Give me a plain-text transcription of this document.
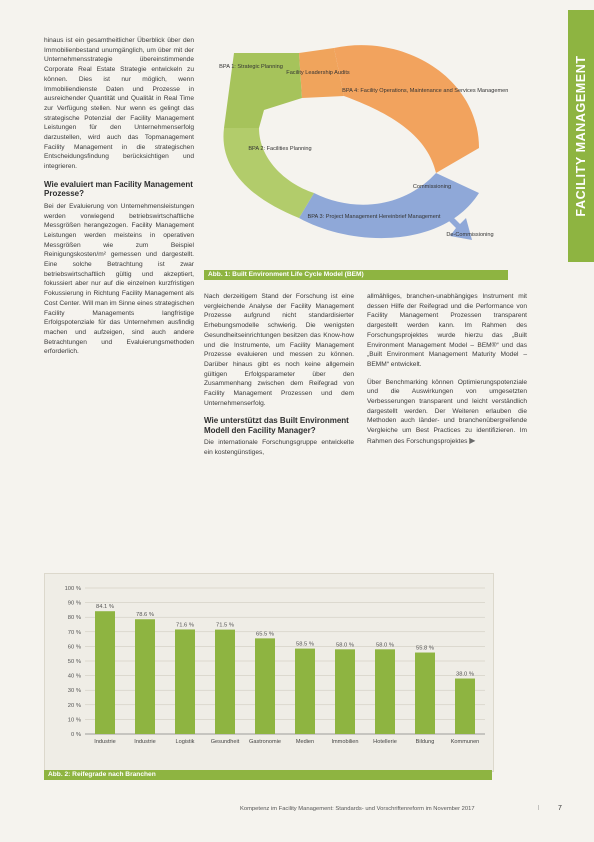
FACILITY MANAGEMENT

hinaus ist ein gesamtheitlicher Überblick über den Immobilienbestand unumgänglich, um über mit der Unternehmensstrategie übereinstimmende Corporate Real Estate Strategie entwickeln zu können. Dies ist nur möglich, wenn Immobiliendienste Daten und Prozesse in ausreichender Quantität und Qualität in Real Time zur Verfügung stellen. Nur wenn es gelingt das strategische Potenzial der Facility Management Leistungen für den Unternehmenserfolg darzustellen, wird auch das Topmanagement Facility Management in die strategischen Entscheidungsfindung berücksichtigen und integrieren.

Wie evaluiert man Facility Management Prozesse?

Bei der Evaluierung von Unternehmensleistungen werden vorwiegend betriebswirtschaftliche Messgrößen herangezogen. Facility Management Leistungen werden meisteins in operativen Messgrößen wie zum Beispiel Reinigungskosten/m² gemessen und dargestellt. Eine solche Betrachtung ist zwar betriebswirtschaftlich gültig und akzeptiert, fokussiert aber nur auf die einzelnen kurzfristigen Fokussierung in Richtung Facility Management als Cost Center. Will man im Sinne eines strategischen Facility Managements langfristige Erfolgspotenziale für das Unternehmen ausfindig machen und aufzeigen, sind auch andere Betrachtungen und Evaluierungsmethoden erforderlich.

BPA 1: Strategic Planning
Facility Leadership Audits
BPA 4: Facility Operations, Maintenance and Services Management
BPA 3: Project Management Hereinbrief Management
BPA 2: Facilities Planning
Commissioning
De-Commissioning
Abb. 1: Built Environment Life Cycle Model (BEM)

Nach derzeitigem Stand der Forschung ist eine vergleichende Analyse der Facility Management Prozesse aufgrund nicht standardisierter Erhebungsmodelle schwierig. Die wenigsten Gesundheitseinrichtungen besitzen das Know-how und die Instrumente, um Facility Management Prozesse evaluieren und messen zu können. Darüber hinaus gibt es noch keine allgemein gültigen Erfolgsparameter über den Zusammenhang zwischen dem Reifegrad von Facility Management Prozessen und dem Unternehmenserfolg.

Wie unterstützt das Built Environment Modell den Facility Manager?

Die internationale Forschungsgruppe entwickelte ein kostengünstiges,

allmähliges, branchen-unabhängiges Instrument mit dessen Hilfe der Reifegrad und die Performance von Facility Management Prozessen transparent dargestellt werden kann. Im Rahmen des Forschungsprojektes wurde hierzu das „Built Environment Management Model – BEM®“ und das „Built Environment Management Maturity Model – BEMM“ entwickelt.

Über Benchmarking können Optimierungspotenziale und die Auswirkungen von umgesetzten Verbesserungen transparent und leicht verständlich dargestellt werden. Der Weiteren erlauben die Methoden auch länder- und branchenübergreifende Vergleiche um Best Practices zu identifizieren. Im Rahmen des Forschungsprojektes ▶

0 %
10 %
20 %
30 %
40 %
50 %
60 %
70 %
80 %
90 %
100 %
84.1 %
Industrie
78.6 %
Industrie
71.6 %
Logistik
71.5 %
Gesundheit
65.5 %
Gastronomie
58.5 %
Medien
58.0 %
Immobilien
58.0 %
Hotellerie
55.8 %
Bildung
38.0 %
Kommunen
Abb. 2: Reifegrade nach Branchen
Kompetenz im Facility Management: Standards- und Vorschriftenreform im November 2017	|	7
